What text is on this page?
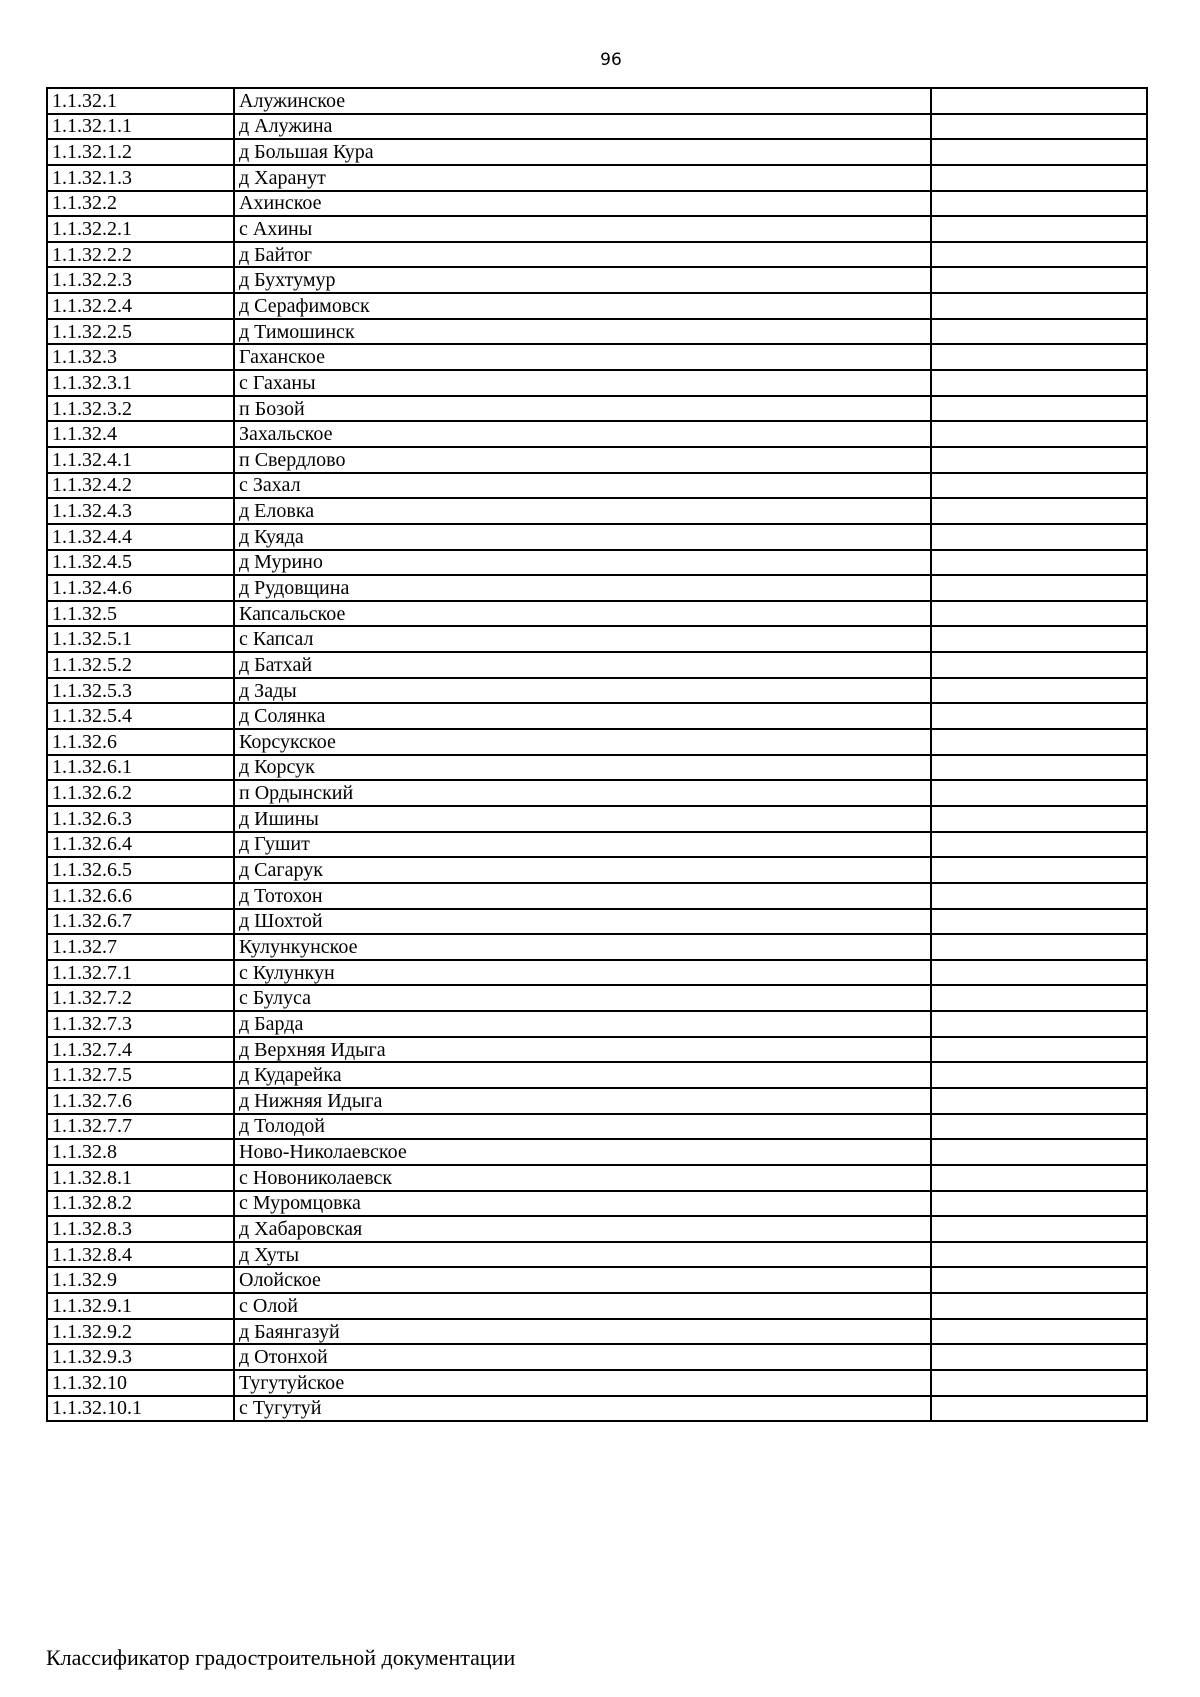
96
1.1.32.1	Алужинское	
1.1.32.1.1	д Алужина	
1.1.32.1.2	д Большая Кура	
1.1.32.1.3	д Харанут	
1.1.32.2	Ахинское	
1.1.32.2.1	с Ахины	
1.1.32.2.2	д Байтог	
1.1.32.2.3	д Бухтумур	
1.1.32.2.4	д Серафимовск	
1.1.32.2.5	д Тимошинск	
1.1.32.3	Гаханское	
1.1.32.3.1	с Гаханы	
1.1.32.3.2	п Бозой	
1.1.32.4	Захальское	
1.1.32.4.1	п Свердлово	
1.1.32.4.2	с Захал	
1.1.32.4.3	д Еловка	
1.1.32.4.4	д Куяда	
1.1.32.4.5	д Мурино	
1.1.32.4.6	д Рудовщина	
1.1.32.5	Капсальское	
1.1.32.5.1	с Капсал	
1.1.32.5.2	д Батхай	
1.1.32.5.3	д Зады	
1.1.32.5.4	д Солянка	
1.1.32.6	Корсукское	
1.1.32.6.1	д Корсук	
1.1.32.6.2	п Ордынский	
1.1.32.6.3	д Ишины	
1.1.32.6.4	д Гушит	
1.1.32.6.5	д Сагарук	
1.1.32.6.6	д Тотохон	
1.1.32.6.7	д Шохтой	
1.1.32.7	Кулункунское	
1.1.32.7.1	с Кулункун	
1.1.32.7.2	с Булуса	
1.1.32.7.3	д Барда	
1.1.32.7.4	д Верхняя Идыга	
1.1.32.7.5	д Кударейка	
1.1.32.7.6	д Нижняя Идыга	
1.1.32.7.7	д Толодой	
1.1.32.8	Ново-Николаевское	
1.1.32.8.1	с Новониколаевск	
1.1.32.8.2	с Муромцовка	
1.1.32.8.3	д Хабаровская	
1.1.32.8.4	д Хуты	
1.1.32.9	Олойское	
1.1.32.9.1	с Олой	
1.1.32.9.2	д Баянгазуй	
1.1.32.9.3	д Отонхой	
1.1.32.10	Тугутуйское	
1.1.32.10.1	с Тугутуй	
Классификатор градостроительной документации
